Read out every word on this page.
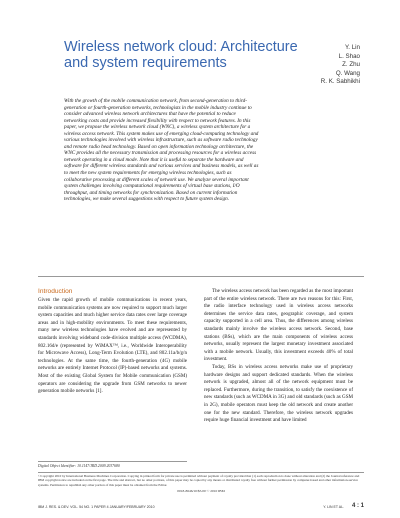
Wireless network cloud: Architecture and system requirements
Y. Lin
L. Shao
Z. Zhu
Q. Wang
R. K. Sabhikhi
With the growth of the mobile communication network, from second-generation to third-generation or fourth-generation networks, technologists in the mobile industry continue to consider advanced wireless network architectures that have the potential to reduce networking costs and provide increased flexibility with respect to network features. In this paper, we propose the wireless network cloud (WNC), a wireless system architecture for a wireless access network. This system makes use of emerging cloud-computing technology and various technologies involved with wireless infrastructure, such as software radio technology and remote radio head technology. Based on open information technology architecture, the WNC provides all the necessary transmission and processing resources for a wireless access network operating in a cloud mode. Note that it is useful to separate the hardware and software for different wireless standards and various services and business models, as well as to meet the new system requirements for emerging wireless technologies, such as collaborative processing at different scales of network use. We analyze several important system challenges involving computational requirements of virtual base stations, I/O throughput, and timing networks for synchronization. Based on current information technologies, we make several suggestions with respect to future system design.
Introduction
Given the rapid growth of mobile communications in recent years, mobile communication systems are now required to support much larger system capacities and much higher service data rates over large coverage areas and in high-mobility environments. To meet these requirements, many new wireless technologies have evolved and are represented by standards involving wideband code-division multiple access (WCDMA), 802.16d/e (represented by WiMAX™, i.e., Worldwide Interoperability for Microwave Access), Long-Term Evolution (LTE), and 802.11a/b/g/n technologies. At the same time, the fourth-generation (4G) mobile networks are entirely Internet Protocol (IP)-based networks and systems. Most of the existing Global System for Mobile communication (GSM) operators are considering the upgrade from GSM networks to newer generation mobile networks [1].
The wireless access network has been regarded as the most important part of the entire wireless network. There are two reasons for this: First, the radio interface technology used in wireless access networks determines the service data rates, geographic coverage, and system capacity supported in a cell area. Thus, the differences among wireless standards mainly involve the wireless access network. Second, base stations (BSs), which are the main components of wireless access networks, usually represent the largest monetary investment associated with a mobile network. Usually, this investment exceeds 40% of total investment.
Today, BSs in wireless access networks make use of proprietary hardware designs and support dedicated standards. When the wireless network is upgraded, almost all of the network equipment must be replaced. Furthermore, during the transition, to satisfy the coexistence of new standards (such as WCDMA in 3G) and old standards (such as GSM in 2G), mobile operators must keep the old network and create another one for the new standard. Therefore, the wireless network upgrades require huge financial investment and have limited
Digital Object Identifier: 10.1147/JRD.2009.2037680
©Copyright 2010 by International Business Machines Corporation. Copying in printed form for private use is permitted without payment of royalty provided that (1) each reproduction is done without alteration and (2) the Journal reference and IBM copyright notice are included on the first page. The title and abstract, but no other portions, of this paper may be copied by any means or distributed royalty free without further permission by computer-based and other information-service systems. Permission to republish any other portion of this paper must be obtained from the Editor.
0018-8646/10/$5.00 © 2010 IBM
IBM J. RES. & DEV. VOL. 54 NO. 1 PAPER 4 JANUARY/FEBRUARY 2010	Y. LIN ET AL. 4 : 1
